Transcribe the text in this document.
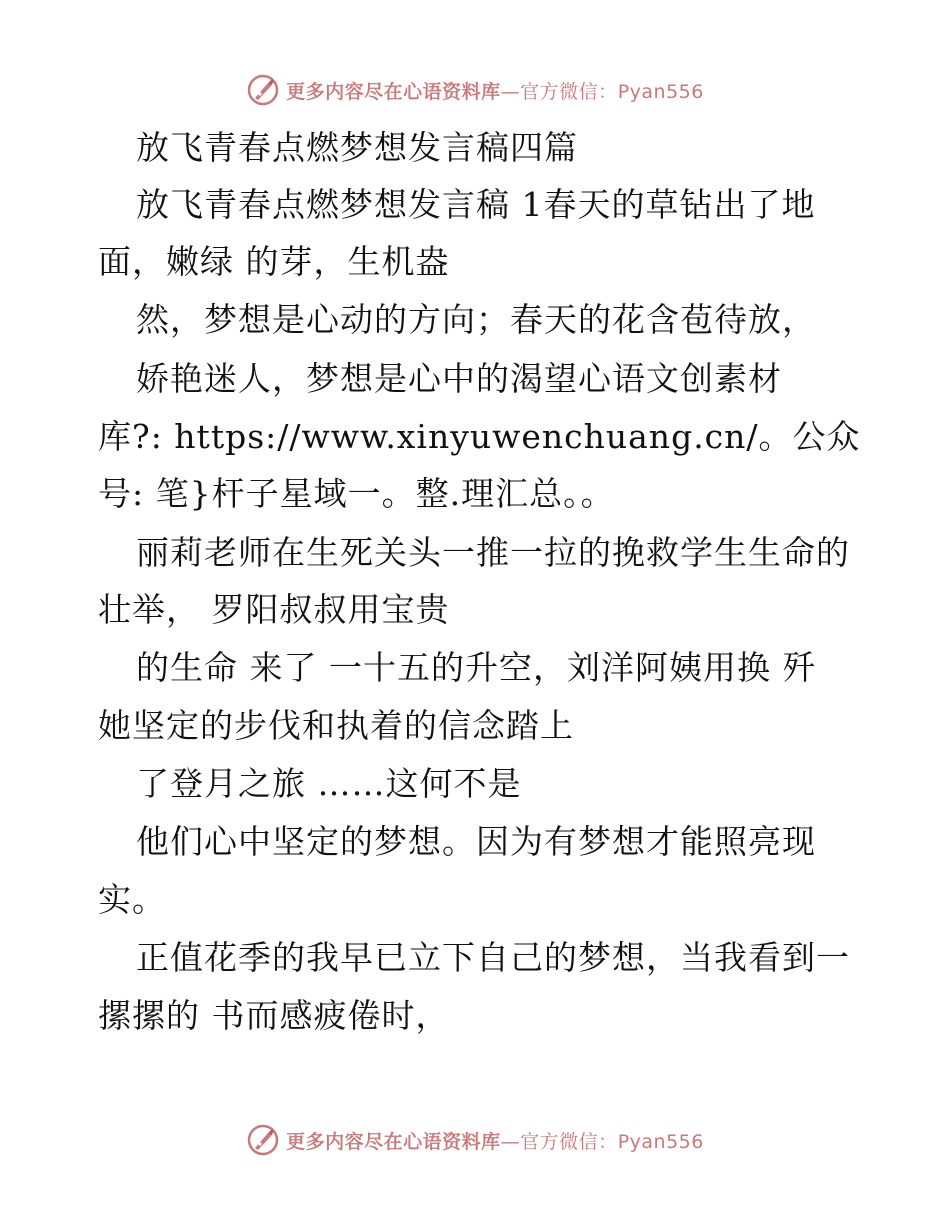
更多内容尽在心语资料库—官方微信：Pyan556
放飞青春点燃梦想发言稿四篇
放飞青春点燃梦想发言稿 1春天的草钻出了地
面，嫩绿 的芽，生机盎
然，梦想是心动的方向；春天的花含苞待放，
娇艳迷人，梦想是心中的渴望心语文创素材
库?: https://www.xinyuwenchuang.cn/。公众
号: 笔}杆子星域一。整.理汇总。。
丽莉老师在生死关头一推一拉的挽救学生生命的
壮举， 罗阳叔叔用宝贵
的生命 来了 一十五的升空，刘洋阿姨用换 歼
她坚定的步伐和执着的信念踏上
了登月之旅 ……这何不是
他们心中坚定的梦想。因为有梦想才能照亮现
实。
正值花季的我早已立下自己的梦想，当我看到一
摞摞的 书而感疲倦时，
更多内容尽在心语资料库—官方微信：Pyan556
